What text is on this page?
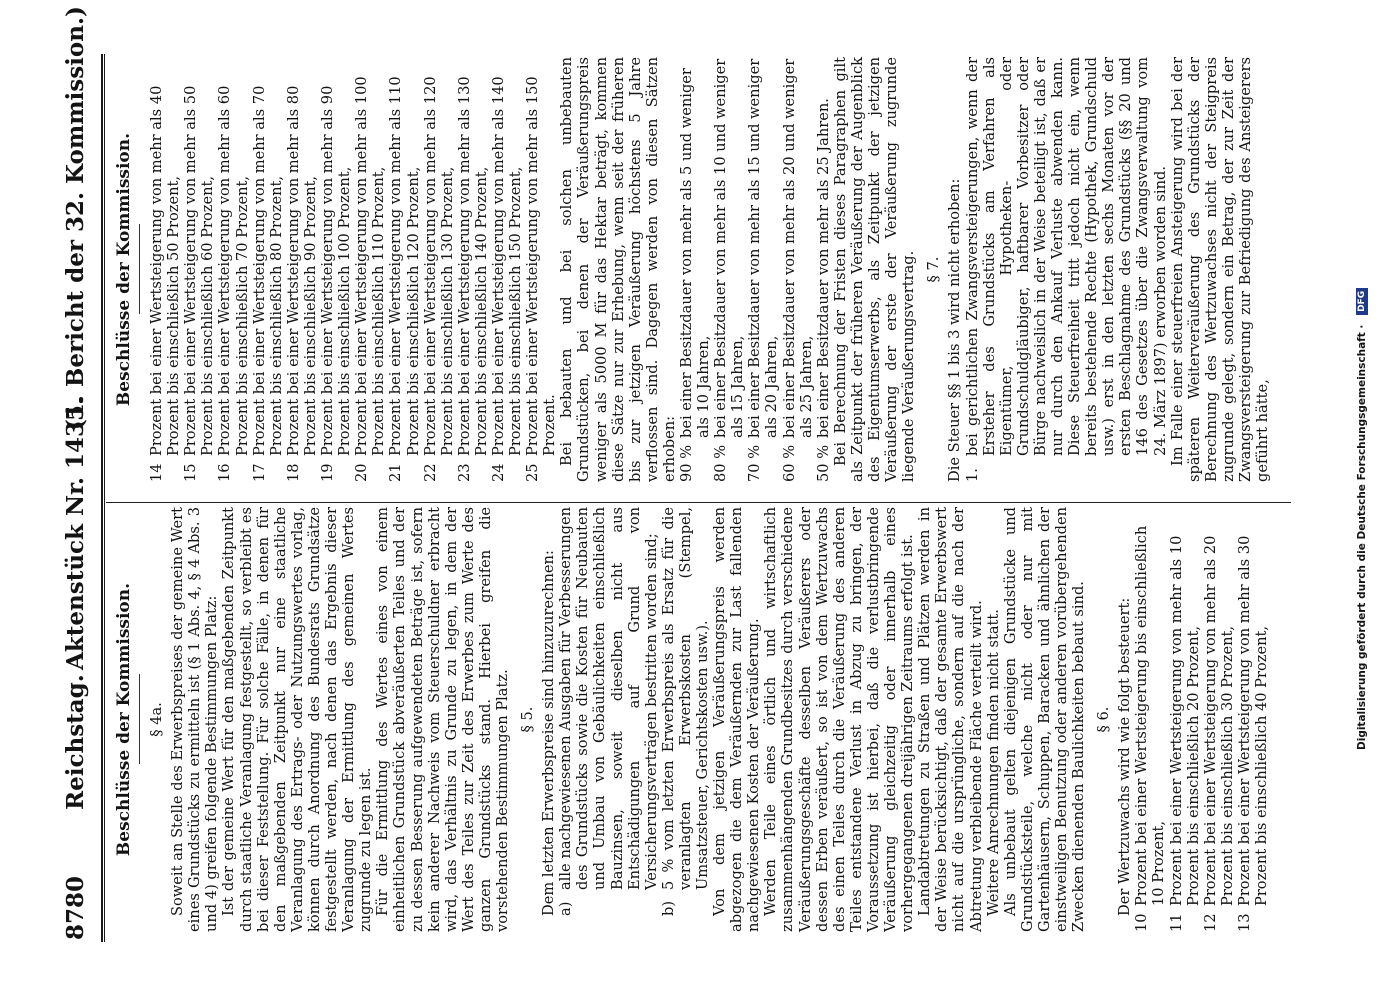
8780
Reichstag.
Aktenstück Nr. 1435.
(1. Bericht der 32. Kommission.)
Beschlüsse der Kommission. § 4a. Soweit an Stelle des Erwerbspreises der gemeine Wert eines Grundstücks zu ermitteln ist (§ 1 Abs. 4, § 4 Abs. 3 und 4) greifen folgende Bestimmungen Platz: Ist der gemeine Wert für den maßgebenden Zeitpunkt durch staatliche Veranlagung festgestellt, so verbleibt es bei dieser Feststellung. Für solche Fälle, in denen für den maßgebenden Zeitpunkt nur eine staatliche Veranlagung des Ertrags- oder Nutzungswertes vorlag, können durch Anordnung des Bundesrats Grundsätze festgestellt werden, nach denen das Ergebnis dieser Veranlagung der Ermittlung des gemeinen Wertes zugrunde zu legen ist. Für die Ermittlung des Wertes eines von einem einheitlichen Grundstück abveräußerten Teiles und der zu dessen Besserung aufgewendeten Beträge ist, sofern kein anderer Nachweis vom Steuerschuldner erbracht wird, das Verhältnis zu Grunde zu legen, in dem der Wert des Teiles zur Zeit des Erwerbes zum Werte des ganzen Grundstücks stand. Hierbei greifen die vorstehenden Bestimmungen Platz. § 5. Dem letzten Erwerbspreise sind hinzuzurechnen: a)
alle nachgewiesenen Ausgaben für Verbesserungen des Grundstücks sowie die Kosten für Neubauten und Umbau von Gebäulichkeiten einschließlich Bauzinsen, soweit dieselben nicht aus Entschädigungen auf Grund von Versicherungsverträgen bestritten worden sind;
b)
5 % vom letzten Erwerbspreis als Ersatz für die veranlagten Erwerbskosten (Stempel, Umsatzsteuer, Gerichtskosten usw.). Von dem jetzigen Veräußerungspreis werden abgezogen die dem Veräußernden zur Last fallenden nachgewiesenen Kosten der Veräußerung. Werden Teile eines örtlich und wirtschaftlich zusammenhängenden Grundbesitzes durch verschiedene Veräußerungsgeschäfte desselben Veräußerers oder dessen Erben veräußert, so ist von dem Wertzuwachs des einen Teiles durch die Veräußerung des anderen Teiles entstandene Verlust in Abzug zu bringen, der Voraussetzung ist hierbei, daß die verlustbringende Veräußerung gleichzeitig oder innerhalb eines vorhergegangenen dreijährigen Zeitraums erfolgt ist. Landabtretungen zu Straßen und Plätzen werden in der Weise berücksichtigt, daß der gesamte Erwerbswert nicht auf die ursprüngliche, sondern auf die nach der Abtretung verbleibende Fläche verteilt wird. Weitere Anrechnungen finden nicht statt. Als unbebaut gelten diejenigen Grundstücke und Grundstücksteile, welche nicht oder nur mit Gartenhäusern, Schuppen, Baracken und ähnlichen der einstweiligen Benutzung oder anderen vorübergehenden Zwecken dienenden Baulichkeiten bebaut sind. § 6. Der Wertzuwachs wird wie folgt besteuert:

10
Prozent bei einer Wertsteigerung bis einschließlich 10 Prozent,
11
Prozent bei einer Wertsteigerung von mehr als 10 Prozent bis einschließlich 20 Prozent,
12
Prozent bei einer Wertsteigerung von mehr als 20 Prozent bis einschließlich 30 Prozent,
13
Prozent bei einer Wertsteigerung von mehr als 30 Prozent bis einschließlich 40 Prozent,
Beschlüsse der Kommission.
14
Prozent bei einer Wertsteigerung von mehr als 40 Prozent bis einschließlich 50 Prozent,
15
Prozent bei einer Wertsteigerung von mehr als 50 Prozent bis einschließlich 60 Prozent,
16
Prozent bei einer Wertsteigerung von mehr als 60 Prozent bis einschließlich 70 Prozent,
17
Prozent bei einer Wertsteigerung von mehr als 70 Prozent bis einschließlich 80 Prozent,
18
Prozent bei einer Wertsteigerung von mehr als 80 Prozent bis einschließlich 90 Prozent,
19
Prozent bei einer Wertsteigerung von mehr als 90 Prozent bis einschließlich 100 Prozent,
20
Prozent bei einer Wertsteigerung von mehr als 100 Prozent bis einschließlich 110 Prozent,
21
Prozent bei einer Wertsteigerung von mehr als 110 Prozent bis einschließlich 120 Prozent,
22
Prozent bei einer Wertsteigerung von mehr als 120 Prozent bis einschließlich 130 Prozent,
23
Prozent bei einer Wertsteigerung von mehr als 130 Prozent bis einschließlich 140 Prozent,
24
Prozent bei einer Wertsteigerung von mehr als 140 Prozent bis einschließlich 150 Prozent,
25
Prozent bei einer Wertsteigerung von mehr als 150 Prozent. Bei bebauten und bei solchen unbebauten Grundstücken, bei denen der Veräußerungspreis weniger als 5000 M für das Hektar beträgt, kommen diese Sätze nur zur Erhebung, wenn seit der früheren bis zur jetzigen Veräußerung höchstens 5 Jahre verflossen sind. Dagegen werden von diesen Sätzen erhoben: 90 %
bei einer Besitzdauer von mehr als 5 und weniger als 10 Jahren,
80 %
bei einer Besitzdauer von mehr als 10 und weniger als 15 Jahren,
70 %
bei einer Besitzdauer von mehr als 15 und weniger als 20 Jahren,
60 %
bei einer Besitzdauer von mehr als 20 und weniger als 25 Jahren,
50 %
bei einer Besitzdauer von mehr als 25 Jahren. Bei Berechnung der Fristen dieses Paragraphen gilt als Zeitpunkt der früheren Veräußerung der Augenblick des Eigentumserwerbs, als Zeitpunkt der jetzigen Veräußerung der erste der Veräußerung zugrunde liegende Veräußerungsvertrag. § 7. Die Steuer §§ 1 bis 3 wird nicht erhoben: 1.
bei gerichtlichen Zwangsversteigerungen, wenn der Ersteher des Grundstücks am Verfahren als Eigentümer, Hypotheken- oder Grundschuldgläubiger, haftbarer Vorbesitzer oder Bürge nachweislich in der Weise beteiligt ist, daß er nur durch den Ankauf Verluste abwenden kann. Diese Steuerfreiheit tritt jedoch nicht ein, wenn bereits bestehende Rechte (Hypothek, Grundschuld usw.) erst in den letzten sechs Monaten vor der ersten Beschlagnahme des Grundstücks (§§ 20 und 146 des Gesetzes über die Zwangsverwaltung vom 24. März 1897) erworben worden sind. Im Falle einer steuerfreien Ansteigerung wird bei der späteren Weiterveräußerung des Grundstücks der Berechnung des Wertzuwachses nicht der Steigpreis zugrunde gelegt, sondern ein Betrag, der zur Zeit der Zwangsversteigerung zur Befriedigung des Ansteigerers geführt hätte,	Digitalisierung gefördert durch die Deutsche Forschungsgemeinschaft · DFG
